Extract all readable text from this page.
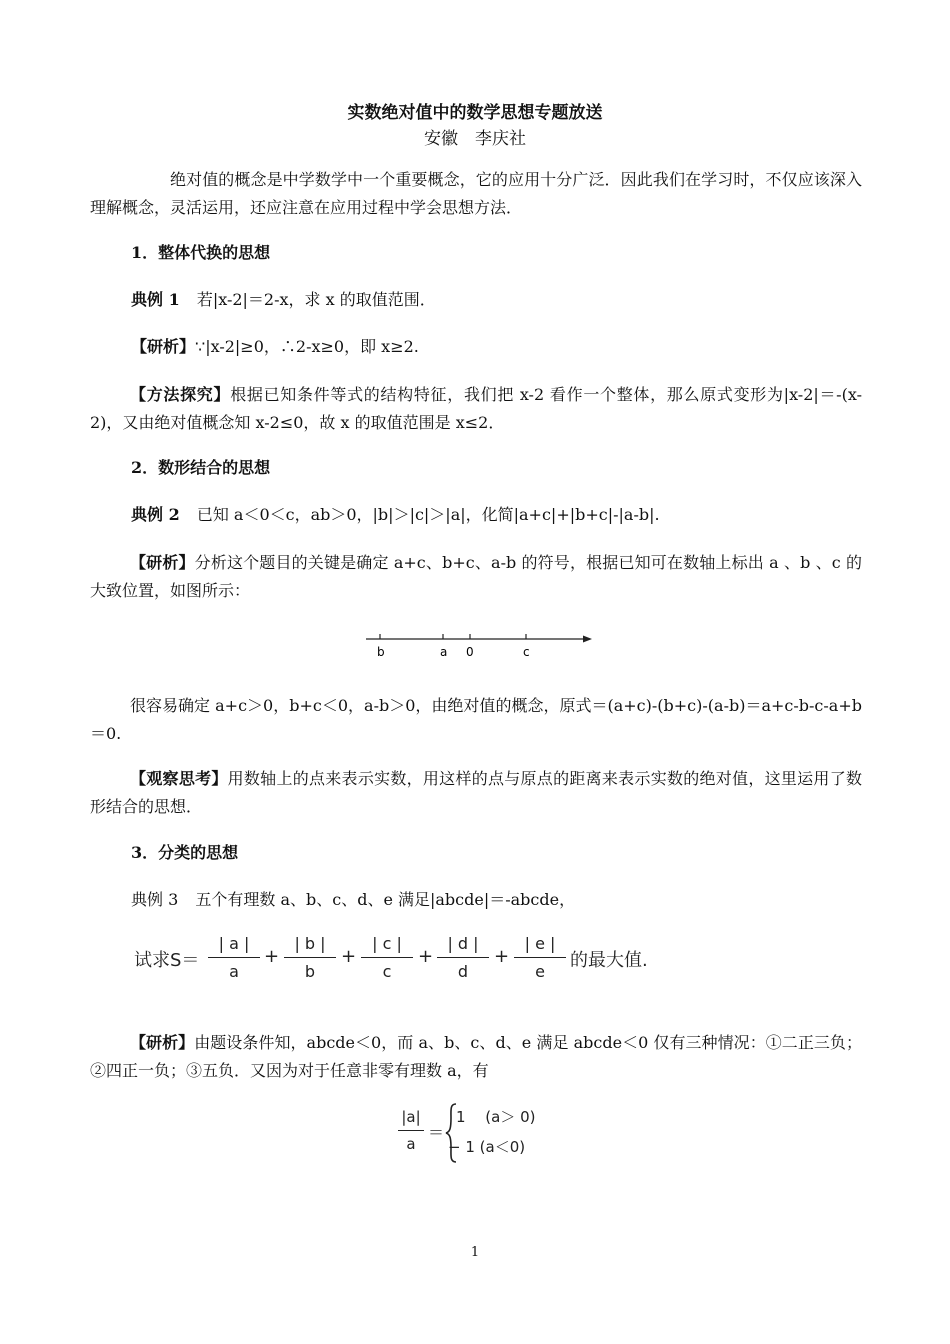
实数绝对值中的数学思想专题放送
安徽　李庆社
绝对值的概念是中学数学中一个重要概念，它的应用十分广泛．因此我们在学习时，不仅应该深入理解概念，灵活运用，还应注意在应用过程中学会思想方法．
1．整体代换的思想
典例 1 若|x-2|＝2-x，求 x 的取值范围．
【研析】∵|x-2|≥0，∴2-x≥0，即 x≥2.
【方法探究】根据已知条件等式的结构特征，我们把 x-2 看作一个整体，那么原式变形为|x-2|＝-(x-2)，又由绝对值概念知 x-2≤0，故 x 的取值范围是 x≤2．
2．数形结合的思想
典例 2 已知 a＜0＜c，ab＞0，|b|＞|c|＞|a|，化简|a+c|+|b+c|-|a-b|.
【研析】分析这个题目的关键是确定 a+c、b+c、a-b 的符号，根据已知可在数轴上标出 a 、b 、c 的大致位置，如图所示：
b	a 0	c
很容易确定 a+c＞0，b+c＜0，a-b＞0，由绝对值的概念，原式＝(a+c)-(b+c)-(a-b)＝a+c-b-c-a+b＝0.
【观察思考】用数轴上的点来表示实数，用这样的点与原点的距离来表示实数的绝对值，这里运用了数形结合的思想．
3．分类的思想
典例 3 五个有理数 a、b、c、d、e 满足|abcde|＝-abcde，
试求S＝
| a |
a
+
| b |
b
+
| c |
c
+
| d |
d
+
| e |
e
的最大值.
【研析】由题设条件知，abcde＜0，而 a、b、c、d、e 满足 abcde＜0 仅有三种情况：①二正三负；②四正一负；③五负．又因为对于任意非零有理数 a，有
|a|
a
＝
1　 (a＞ 0)
− 1 (a＜0)
1
